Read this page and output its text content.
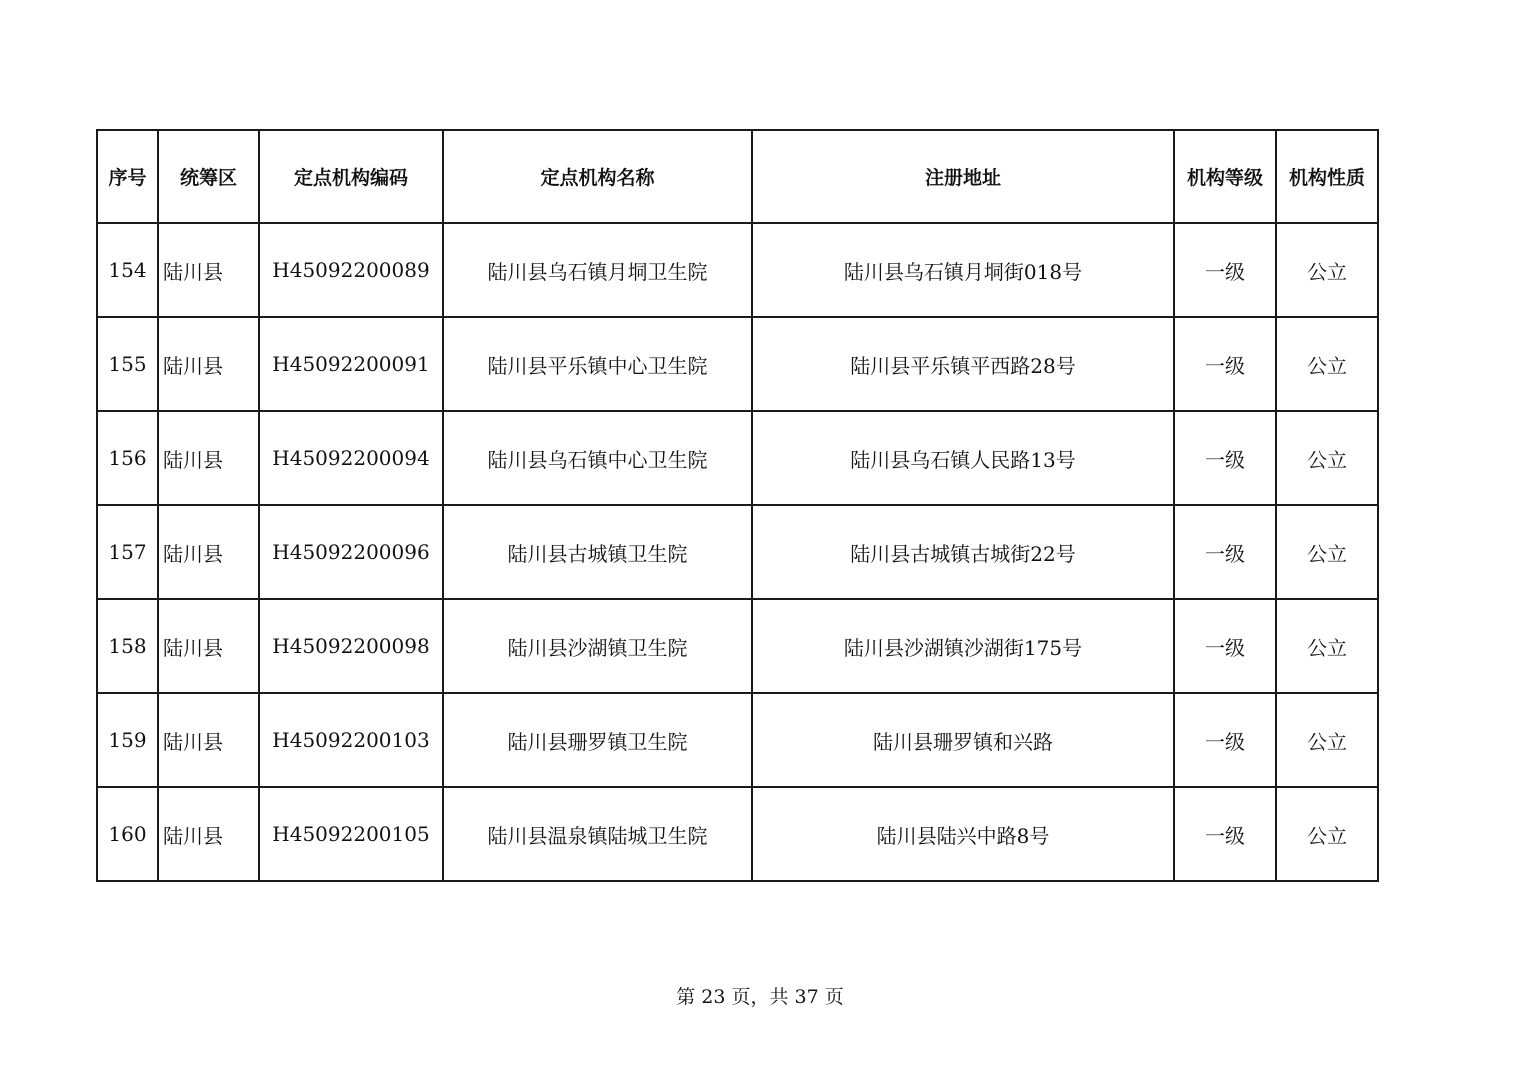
序号	统筹区	定点机构编码	定点机构名称	注册地址	机构等级	机构性质
154	陆川县	H45092200089	陆川县乌石镇月垌卫生院	陆川县乌石镇月垌街018号	一级	公立
155	陆川县	H45092200091	陆川县平乐镇中心卫生院	陆川县平乐镇平西路28号	一级	公立
156	陆川县	H45092200094	陆川县乌石镇中心卫生院	陆川县乌石镇人民路13号	一级	公立
157	陆川县	H45092200096	陆川县古城镇卫生院	陆川县古城镇古城街22号	一级	公立
158	陆川县	H45092200098	陆川县沙湖镇卫生院	陆川县沙湖镇沙湖街175号	一级	公立
159	陆川县	H45092200103	陆川县珊罗镇卫生院	陆川县珊罗镇和兴路	一级	公立
160	陆川县	H45092200105	陆川县温泉镇陆城卫生院	陆川县陆兴中路8号	一级	公立
第 23 页，共 37 页
